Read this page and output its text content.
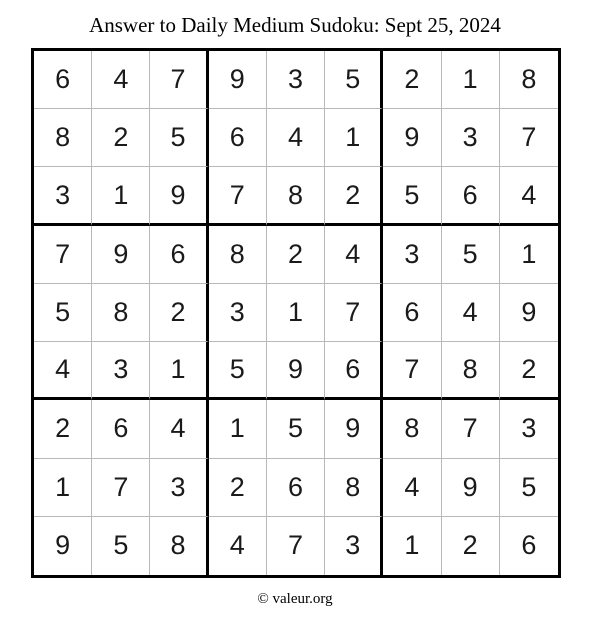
Answer to Daily Medium Sudoku: Sept 25, 2024
6	4	7	9	3	5	2	1	8
8	2	5	6	4	1	9	3	7
3	1	9	7	8	2	5	6	4
7	9	6	8	2	4	3	5	1
5	8	2	3	1	7	6	4	9
4	3	1	5	9	6	7	8	2
2	6	4	1	5	9	8	7	3
1	7	3	2	6	8	4	9	5
9	5	8	4	7	3	1	2	6
© valeur.org
